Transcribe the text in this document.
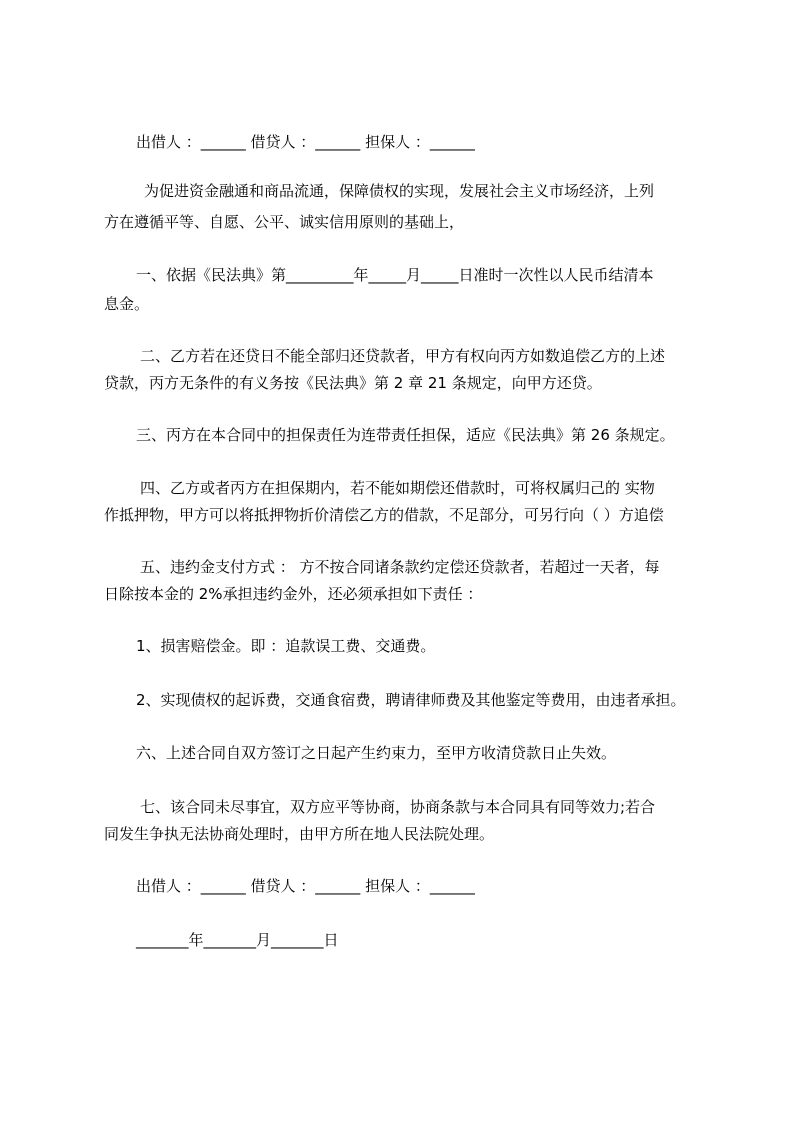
出借人 ：______ 借贷人 ：______ 担保人 ：______
为促进资金融通和商品流通，保障债权的实现，发展社会主义市场经济，上列
方在遵循平等、自愿、公平、诚实信用原则的基础上，
一、依据《民法典》第_________年_____月_____日准时一次性以人民币结清本
息金。
二、乙方若在还贷日不能全部归还贷款者，甲方有权向丙方如数追偿乙方的上述
贷款，丙方无条件的有义务按《民法典》第 2 章 21 条规定，向甲方还贷。
三、丙方在本合同中的担保责任为连带责任担保，适应《民法典》第 26 条规定。
四、乙方或者丙方在担保期内，若不能如期偿还借款时，可将权属归己的 实物
作抵押物，甲方可以将抵押物折价清偿乙方的借款，不足部分，可另行向（ ）方追偿
五、违约金支付方式 ： 方不按合同诸条款约定偿还贷款者，若超过一天者，每
日除按本金的 2%承担违约金外，还必须承担如下责任 ：
1、损害赔偿金。即 ：追款误工费、交通费。
2、实现债权的起诉费，交通食宿费，聘请律师费及其他鉴定等费用，由违者承担。
六、上述合同自双方签订之日起产生约束力，至甲方收清贷款日止失效。
七、该合同未尽事宜，双方应平等协商，协商条款与本合同具有同等效力;若合
同发生争执无法协商处理时，由甲方所在地人民法院处理。
出借人 ：______ 借贷人 ：______ 担保人 ：______
_______年_______月_______日
